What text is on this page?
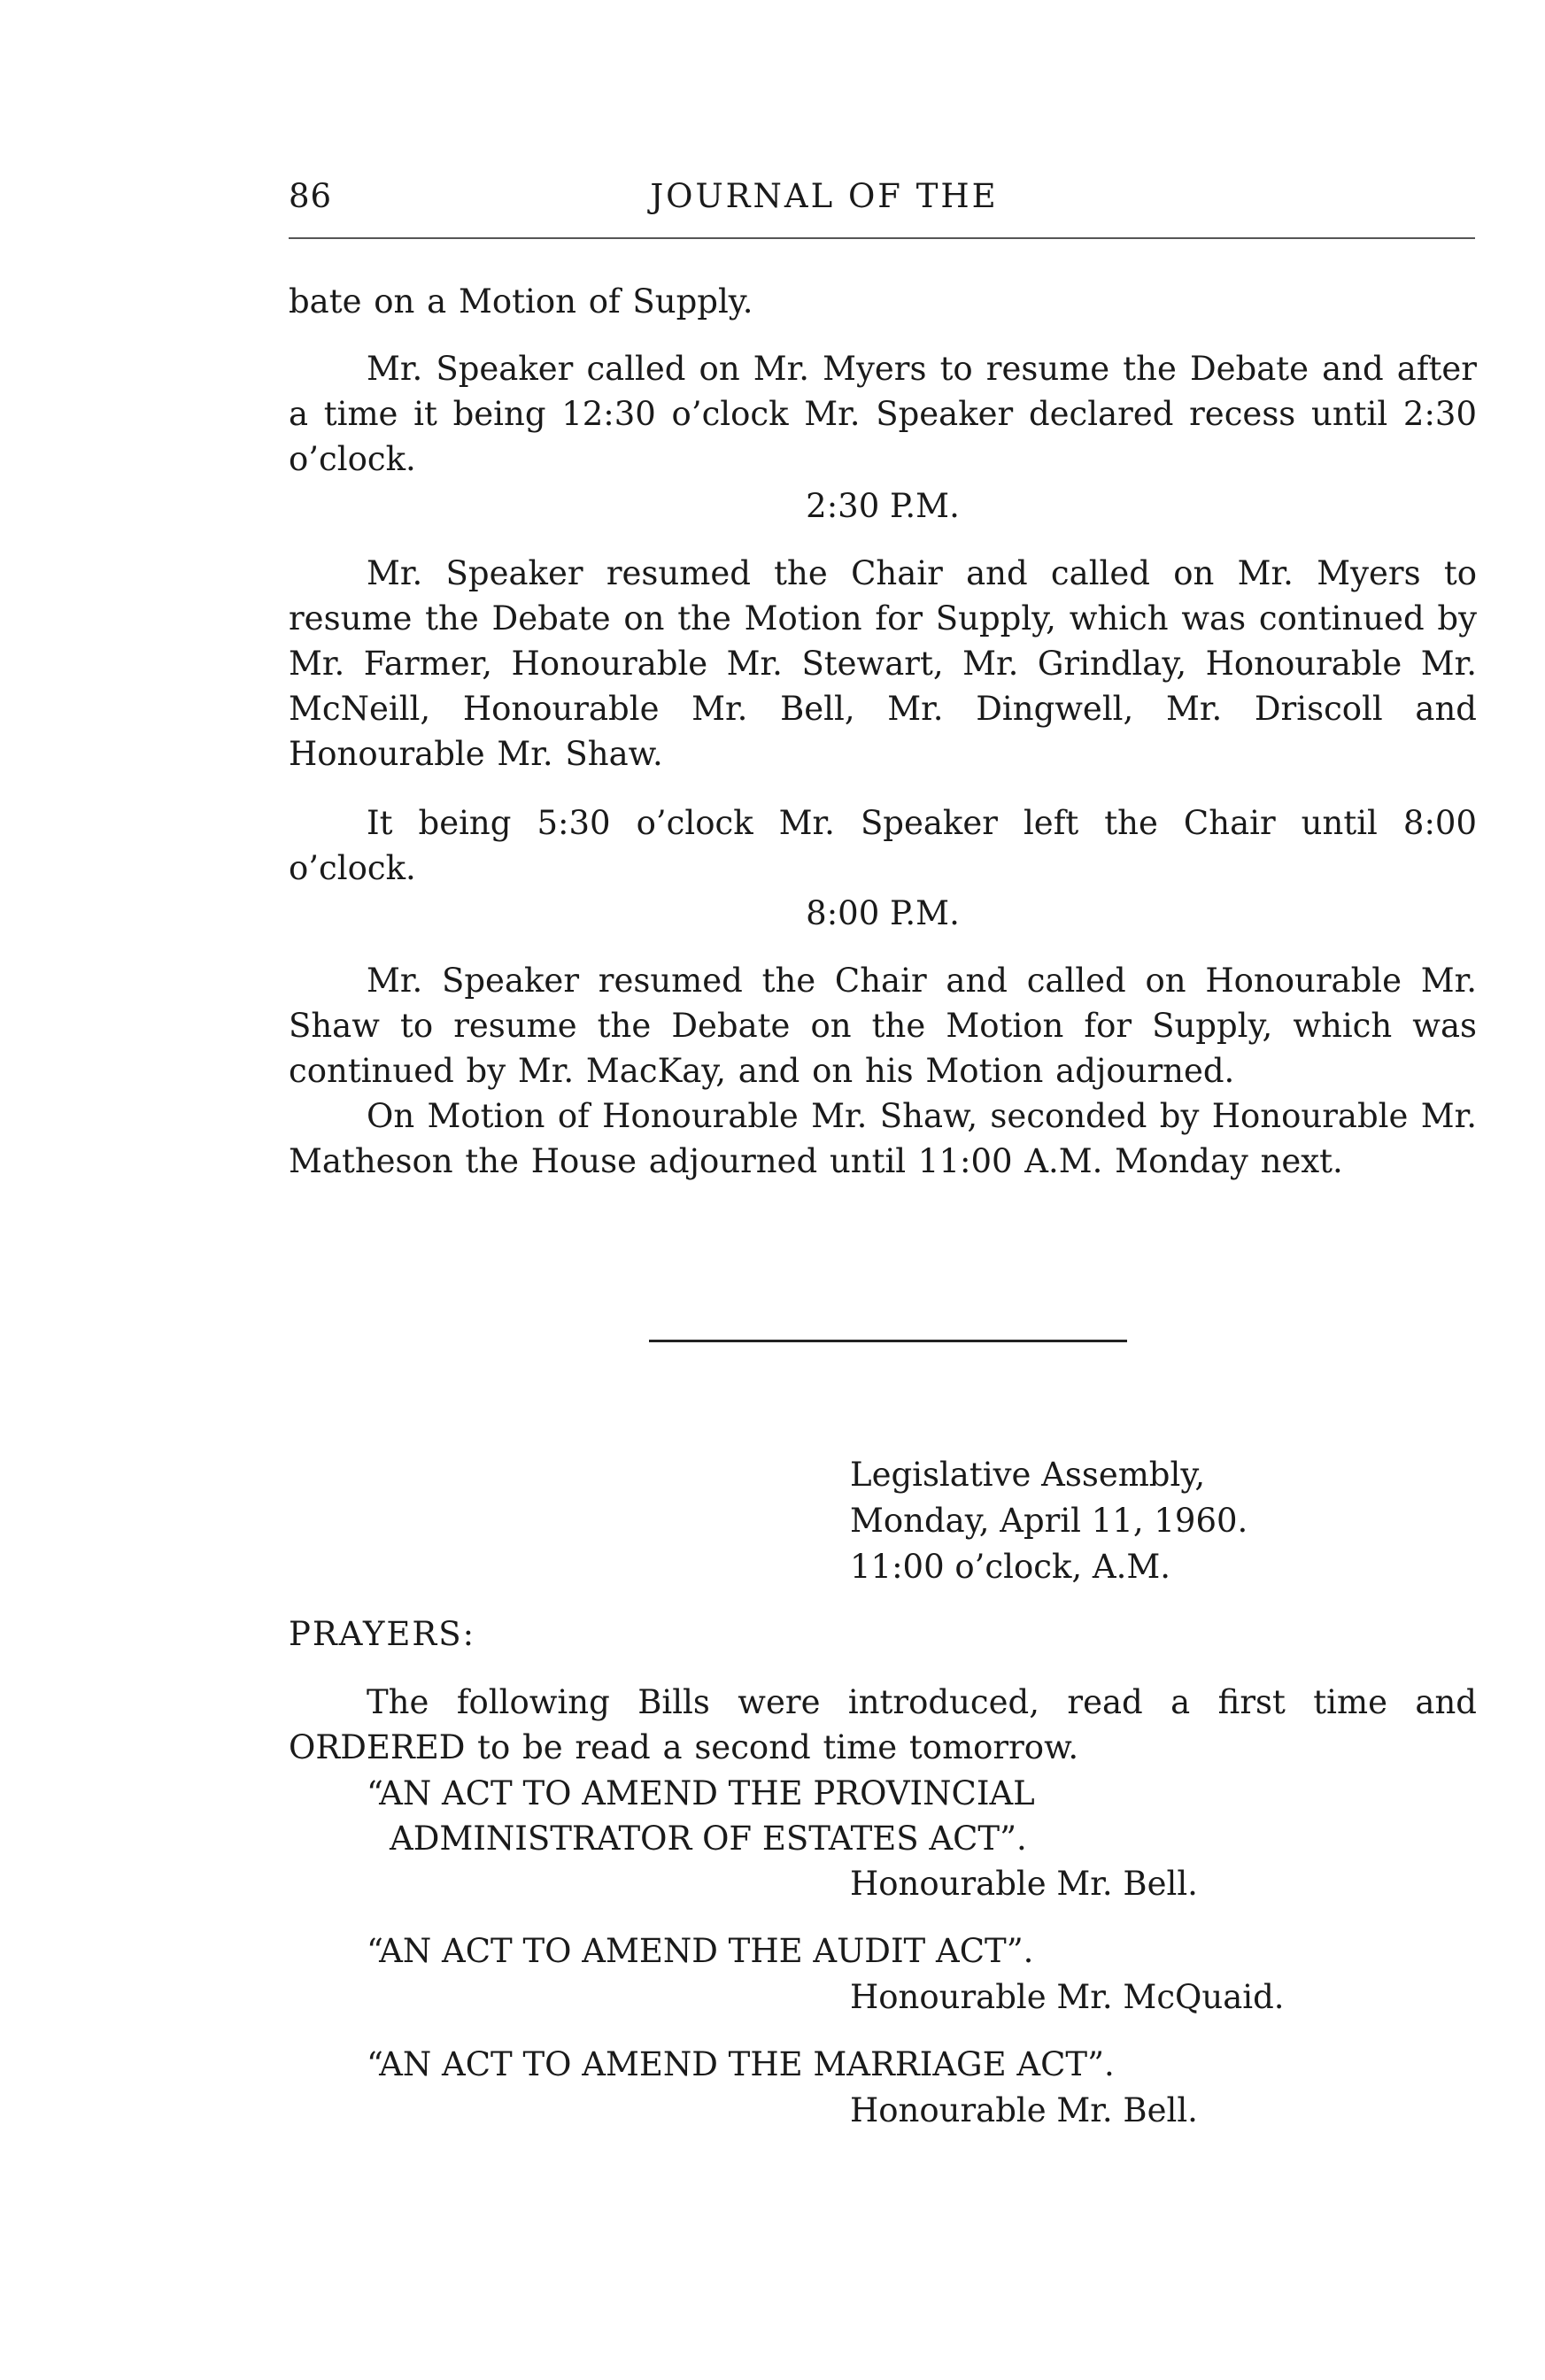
86	JOURNAL OF THE
bate on a Motion of Supply.
Mr. Speaker called on Mr. Myers to resume the Debate and after a time it being 12:30 o’clock Mr. Speaker declared recess until 2:30 o’clock.
2:30 P.M.
Mr. Speaker resumed the Chair and called on Mr. Myers to resume the Debate on the Motion for Supply, which was continued by Mr. Farmer, Honourable Mr. Stewart, Mr. Grindlay, Honourable Mr. McNeill, Honourable Mr. Bell, Mr. Dingwell, Mr. Driscoll and Honourable Mr. Shaw.
It being 5:30 o’clock Mr. Speaker left the Chair until 8:00 o’clock.
8:00 P.M.
Mr. Speaker resumed the Chair and called on Honourable Mr. Shaw to resume the Debate on the Motion for Supply, which was continued by Mr. MacKay, and on his Motion adjourned.
On Motion of Honourable Mr. Shaw, seconded by Honourable Mr. Matheson the House adjourned until 11:00 A.M. Monday next.
Legislative Assembly,
Monday, April 11, 1960.
11:00 o’clock, A.M.
PRAYERS:
The following Bills were introduced, read a first time and ORDERED to be read a second time tomorrow.
“AN ACT TO AMEND THE PROVINCIAL
ADMINISTRATOR OF ESTATES ACT”.
Honourable Mr. Bell.
“AN ACT TO AMEND THE AUDIT ACT”.
Honourable Mr. McQuaid.
“AN ACT TO AMEND THE MARRIAGE ACT”.
Honourable Mr. Bell.
